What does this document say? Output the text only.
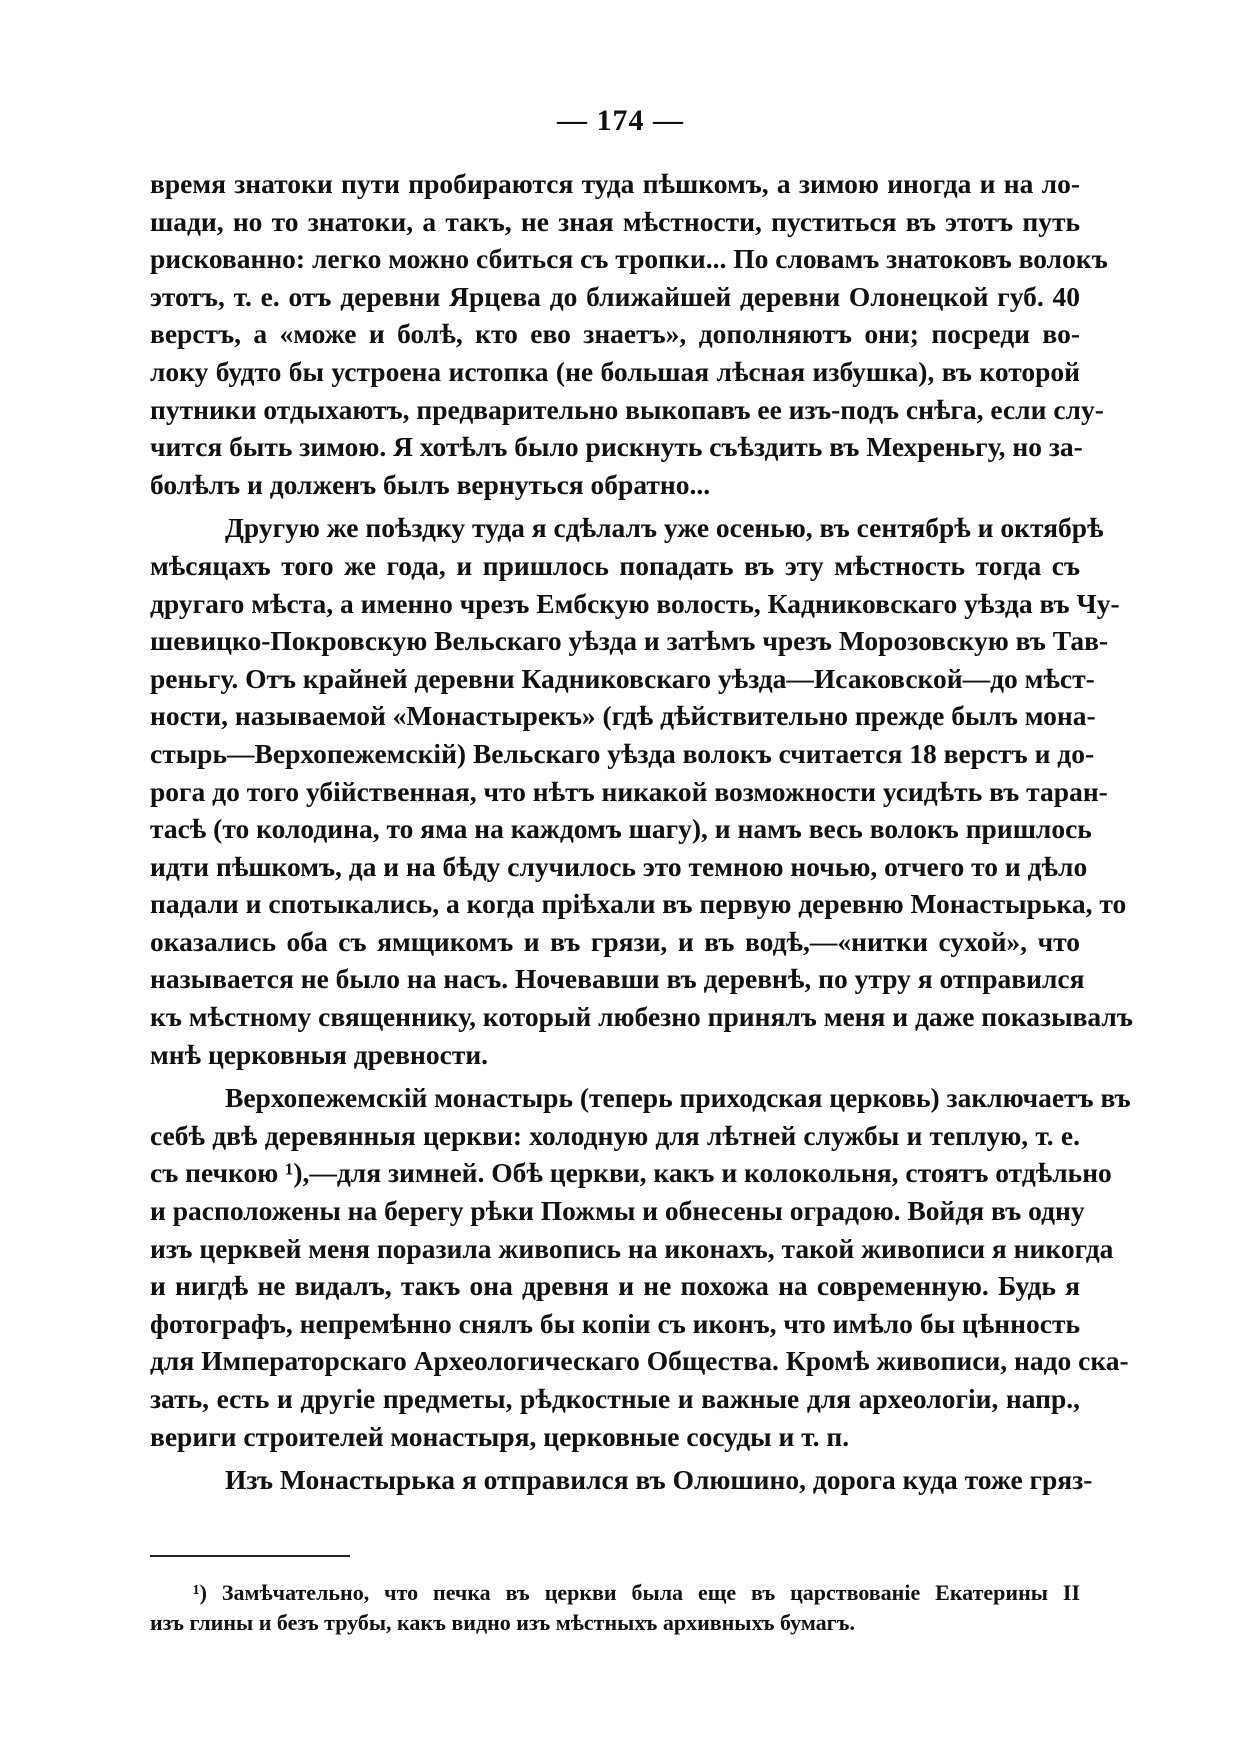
— 174 —
время знатоки пути пробираются туда пѣшкомъ, а зимою иногда и на ло-
шади, но то знатоки, а такъ, не зная мѣстности, пуститься въ этотъ путь
рискованно: легко можно сбиться съ тропки... По словамъ знатоковъ волокъ
этотъ, т. е. отъ деревни Ярцева до ближайшей деревни Олонецкой губ. 40
верстъ, а «може и болѣ, кто ево знаетъ», дополняютъ они; посреди во-
локу будто бы устроена истопка (не большая лѣсная избушка), въ которой
путники отдыхаютъ, предварительно выкопавъ ее изъ-подъ снѣга, если слу-
чится быть зимою. Я хотѣлъ было рискнуть съѣздить въ Мехреньгу, но за-
болѣлъ и долженъ былъ вернуться обратно...
Другую же поѣздку туда я сдѣлалъ уже осенью, въ сентябрѣ и октябрѣ
мѣсяцахъ того же года, и пришлось попадать въ эту мѣстность тогда съ
другаго мѣста, а именно чрезъ Ембскую волость, Кадниковскаго уѣзда въ Чу-
шевицко-Покровскую Вельскаго уѣзда и затѣмъ чрезъ Морозовскую въ Тав-
реньгу. Отъ крайней деревни Кадниковскаго уѣзда—Исаковской—до мѣст-
ности, называемой «Монастырекъ» (гдѣ дѣйствительно прежде былъ мона-
стырь—Верхопежемскій) Вельскаго уѣзда волокъ считается 18 верстъ и до-
рога до того убійственная, что нѣтъ никакой возможности усидѣть въ таран-
тасѣ (то колодина, то яма на каждомъ шагу), и намъ весь волокъ пришлось
идти пѣшкомъ, да и на бѣду случилось это темною ночью, отчего то и дѣло
падали и спотыкались, а когда пріѣхали въ первую деревню Монастырька, то
оказались оба съ ямщикомъ и въ грязи, и въ водѣ,—«нитки сухой», что
называется не было на насъ. Ночевавши въ деревнѣ, по утру я отправился
къ мѣстному священнику, который любезно принялъ меня и даже показывалъ
мнѣ церковныя древности.
Верхопежемскій монастырь (теперь приходская церковь) заключаетъ въ
себѣ двѣ деревянныя церкви: холодную для лѣтней службы и теплую, т. е.
съ печкою ¹),—для зимней. Обѣ церкви, какъ и колокольня, стоятъ отдѣльно
и расположены на берегу рѣки Пожмы и обнесены оградою. Войдя въ одну
изъ церквей меня поразила живопись на иконахъ, такой живописи я никогда
и нигдѣ не видалъ, такъ она древня и не похожа на современную. Будь я
фотографъ, непремѣнно снялъ бы копіи съ иконъ, что имѣло бы цѣнность
для Императорскаго Археологическаго Общества. Кромѣ живописи, надо ска-
зать, есть и другіе предметы, рѣдкостные и важные для археологіи, напр.,
вериги строителей монастыря, церковные сосуды и т. п.
Изъ Монастырька я отправился въ Олюшино, дорога куда тоже гряз-
¹) Замѣчательно, что печка въ церкви была еще въ царствованіе Екатерины II
изъ глины и безъ трубы, какъ видно изъ мѣстныхъ архивныхъ бумагъ.
